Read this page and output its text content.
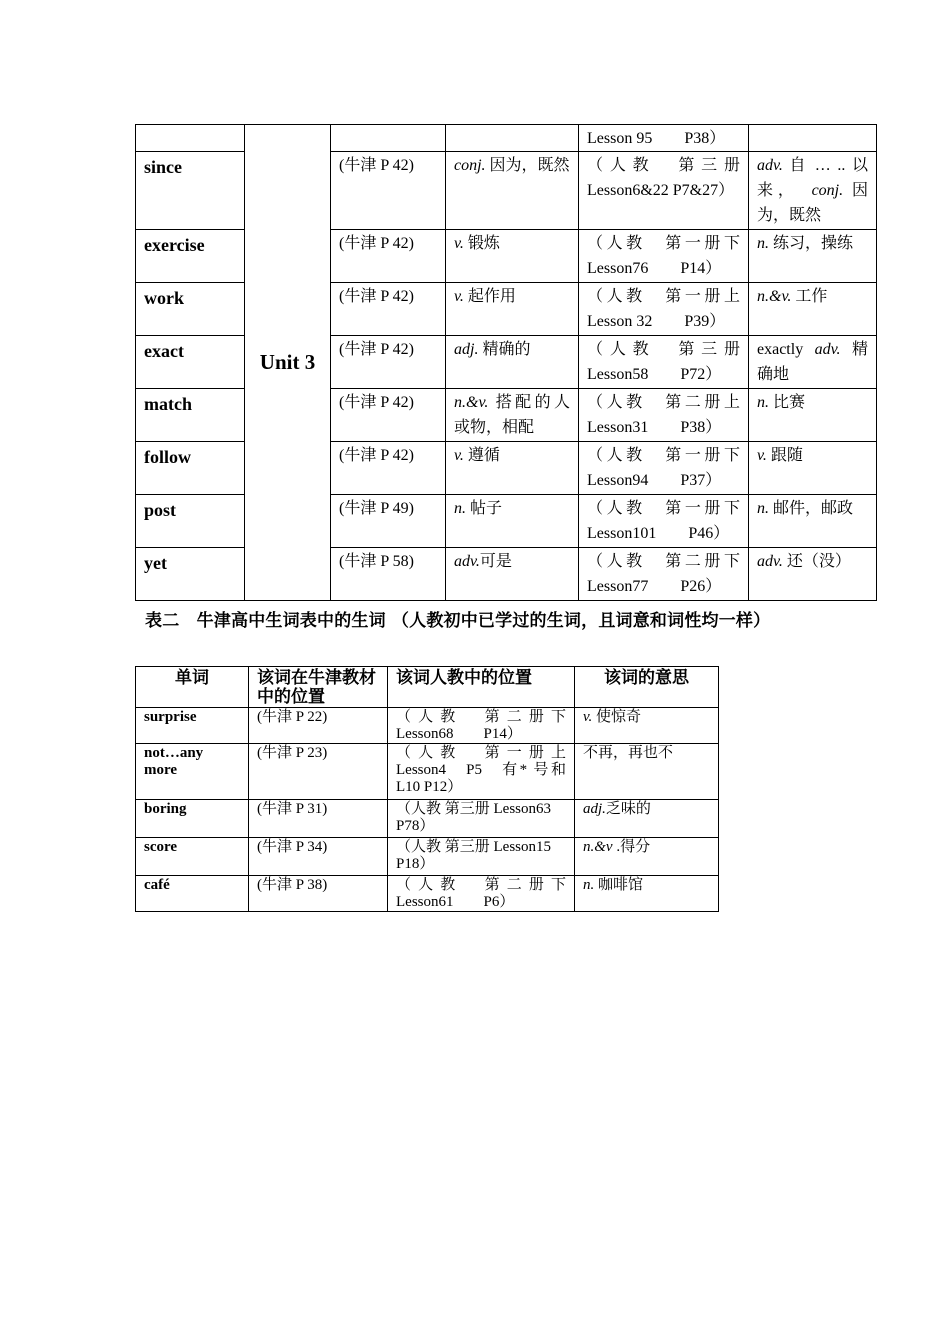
	Unit 3			Lesson 95　　P38）	
since		(牛津 P 42)	conj. 因为，既然	（人教　第三册
Lesson6&22 P7&27）	adv. 自 … .. 以
来，　conj. 因
为，既然

exercise		(牛津 P 42)	v. 锻炼	（人教　第一册下
Lesson76　　P14）	n. 练习，操练
work		(牛津 P 42)	v. 起作用	（人教　第一册上
Lesson 32　　P39）	n.&v. 工作
exact		(牛津 P 42)	adj. 精确的	（人教　第三册
Lesson58　　P72）	exactly adv. 精
确地

match		(牛津 P 42)	n.&v. 搭配的人
或物，相配	（人教　第二册上
Lesson31　　P38）	n. 比赛
follow		(牛津 P 42)	v. 遵循	（人教　第一册下
Lesson94　　P37）	v. 跟随
post		(牛津 P 49)	n. 帖子	（人教　第一册下
Lesson101　　P46）	n. 邮件，邮政
yet		(牛津 P 58)	adv.可是	（人教　第二册下
Lesson77　　P26）	adv. 还（没）
表二　牛津高中生词表中的生词 （人教初中已学过的生词，且词意和词性均一样）
单词	该词在牛津教材中的位置	该词人教中的位置	该词的意思
surprise	(牛津 P 22)	（人教　第二册下
Lesson68　　P14）	v. 使惊奇

not…any
more	(牛津 P 23)	（人教　第一册上
Lesson4　P5　有* 号和
L10 P12）	不再，再也不
boring	(牛津 P 31)	（人教 第三册 Lesson63
P78）	adj.乏味的
score	(牛津 P 34)	（人教 第三册 Lesson15
P18）	n.&v .得分
café	(牛津 P 38)	（人教　第二册下
Lesson61　　P6）	n. 咖啡馆
